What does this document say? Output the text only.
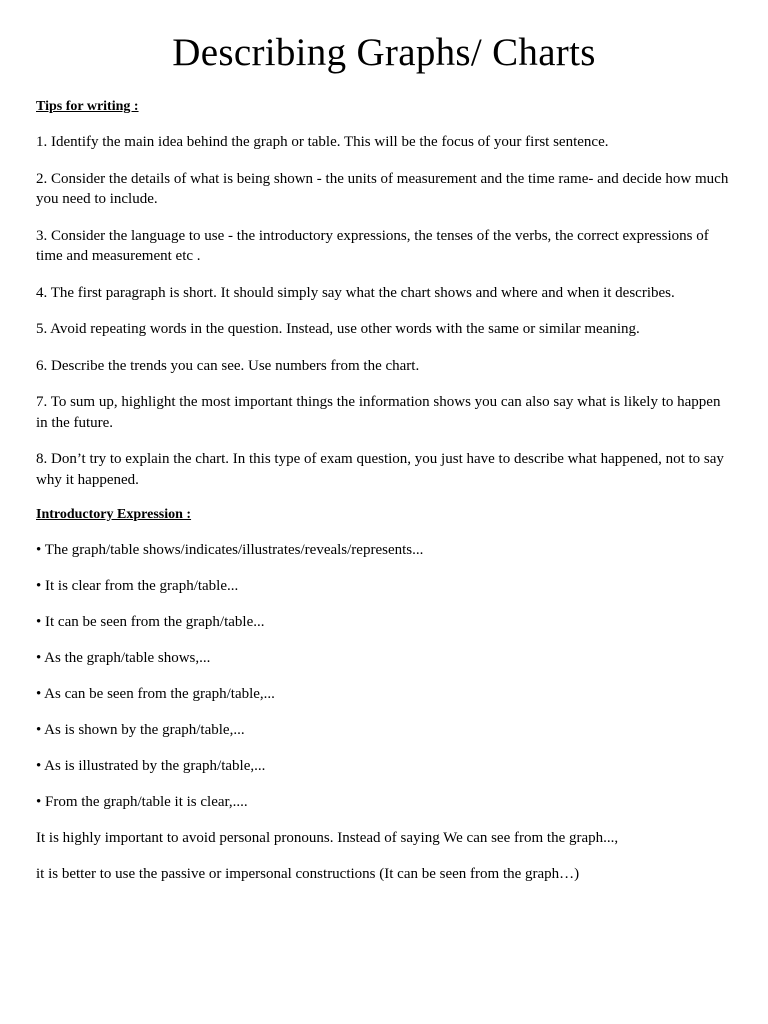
Describing Graphs/ Charts
Tips for writing :
1. Identify the main idea behind the graph or table. This will be the focus of your first sentence.
2. Consider the details of what is being shown - the units of measurement and the time rame- and decide how much you need to include.
3. Consider the language to use - the introductory expressions, the tenses of the verbs, the correct expressions of time and measurement etc .
4. The first paragraph is short. It should simply say what the chart shows and where and when it describes.
5. Avoid repeating words in the question. Instead, use other words with the same or similar meaning.
6. Describe the trends you can see. Use numbers from the chart.
7. To sum up, highlight the most important things the information shows you can also say what is likely to happen in the future.
8. Don’t try to explain the chart. In this type of exam question, you just have to describe what happened, not to say why it happened.
Introductory Expression :
• The graph/table shows/indicates/illustrates/reveals/represents...
• It is clear from the graph/table...
• It can be seen from the graph/table...
• As the graph/table shows,...
• As can be seen from the graph/table,...
• As is shown by the graph/table,...
• As is illustrated by the graph/table,...
• From the graph/table it is clear,....

It is highly important to avoid personal pronouns. Instead of saying We can see from the graph...,

it is better to use the passive or impersonal constructions (It can be seen from the graph…)
